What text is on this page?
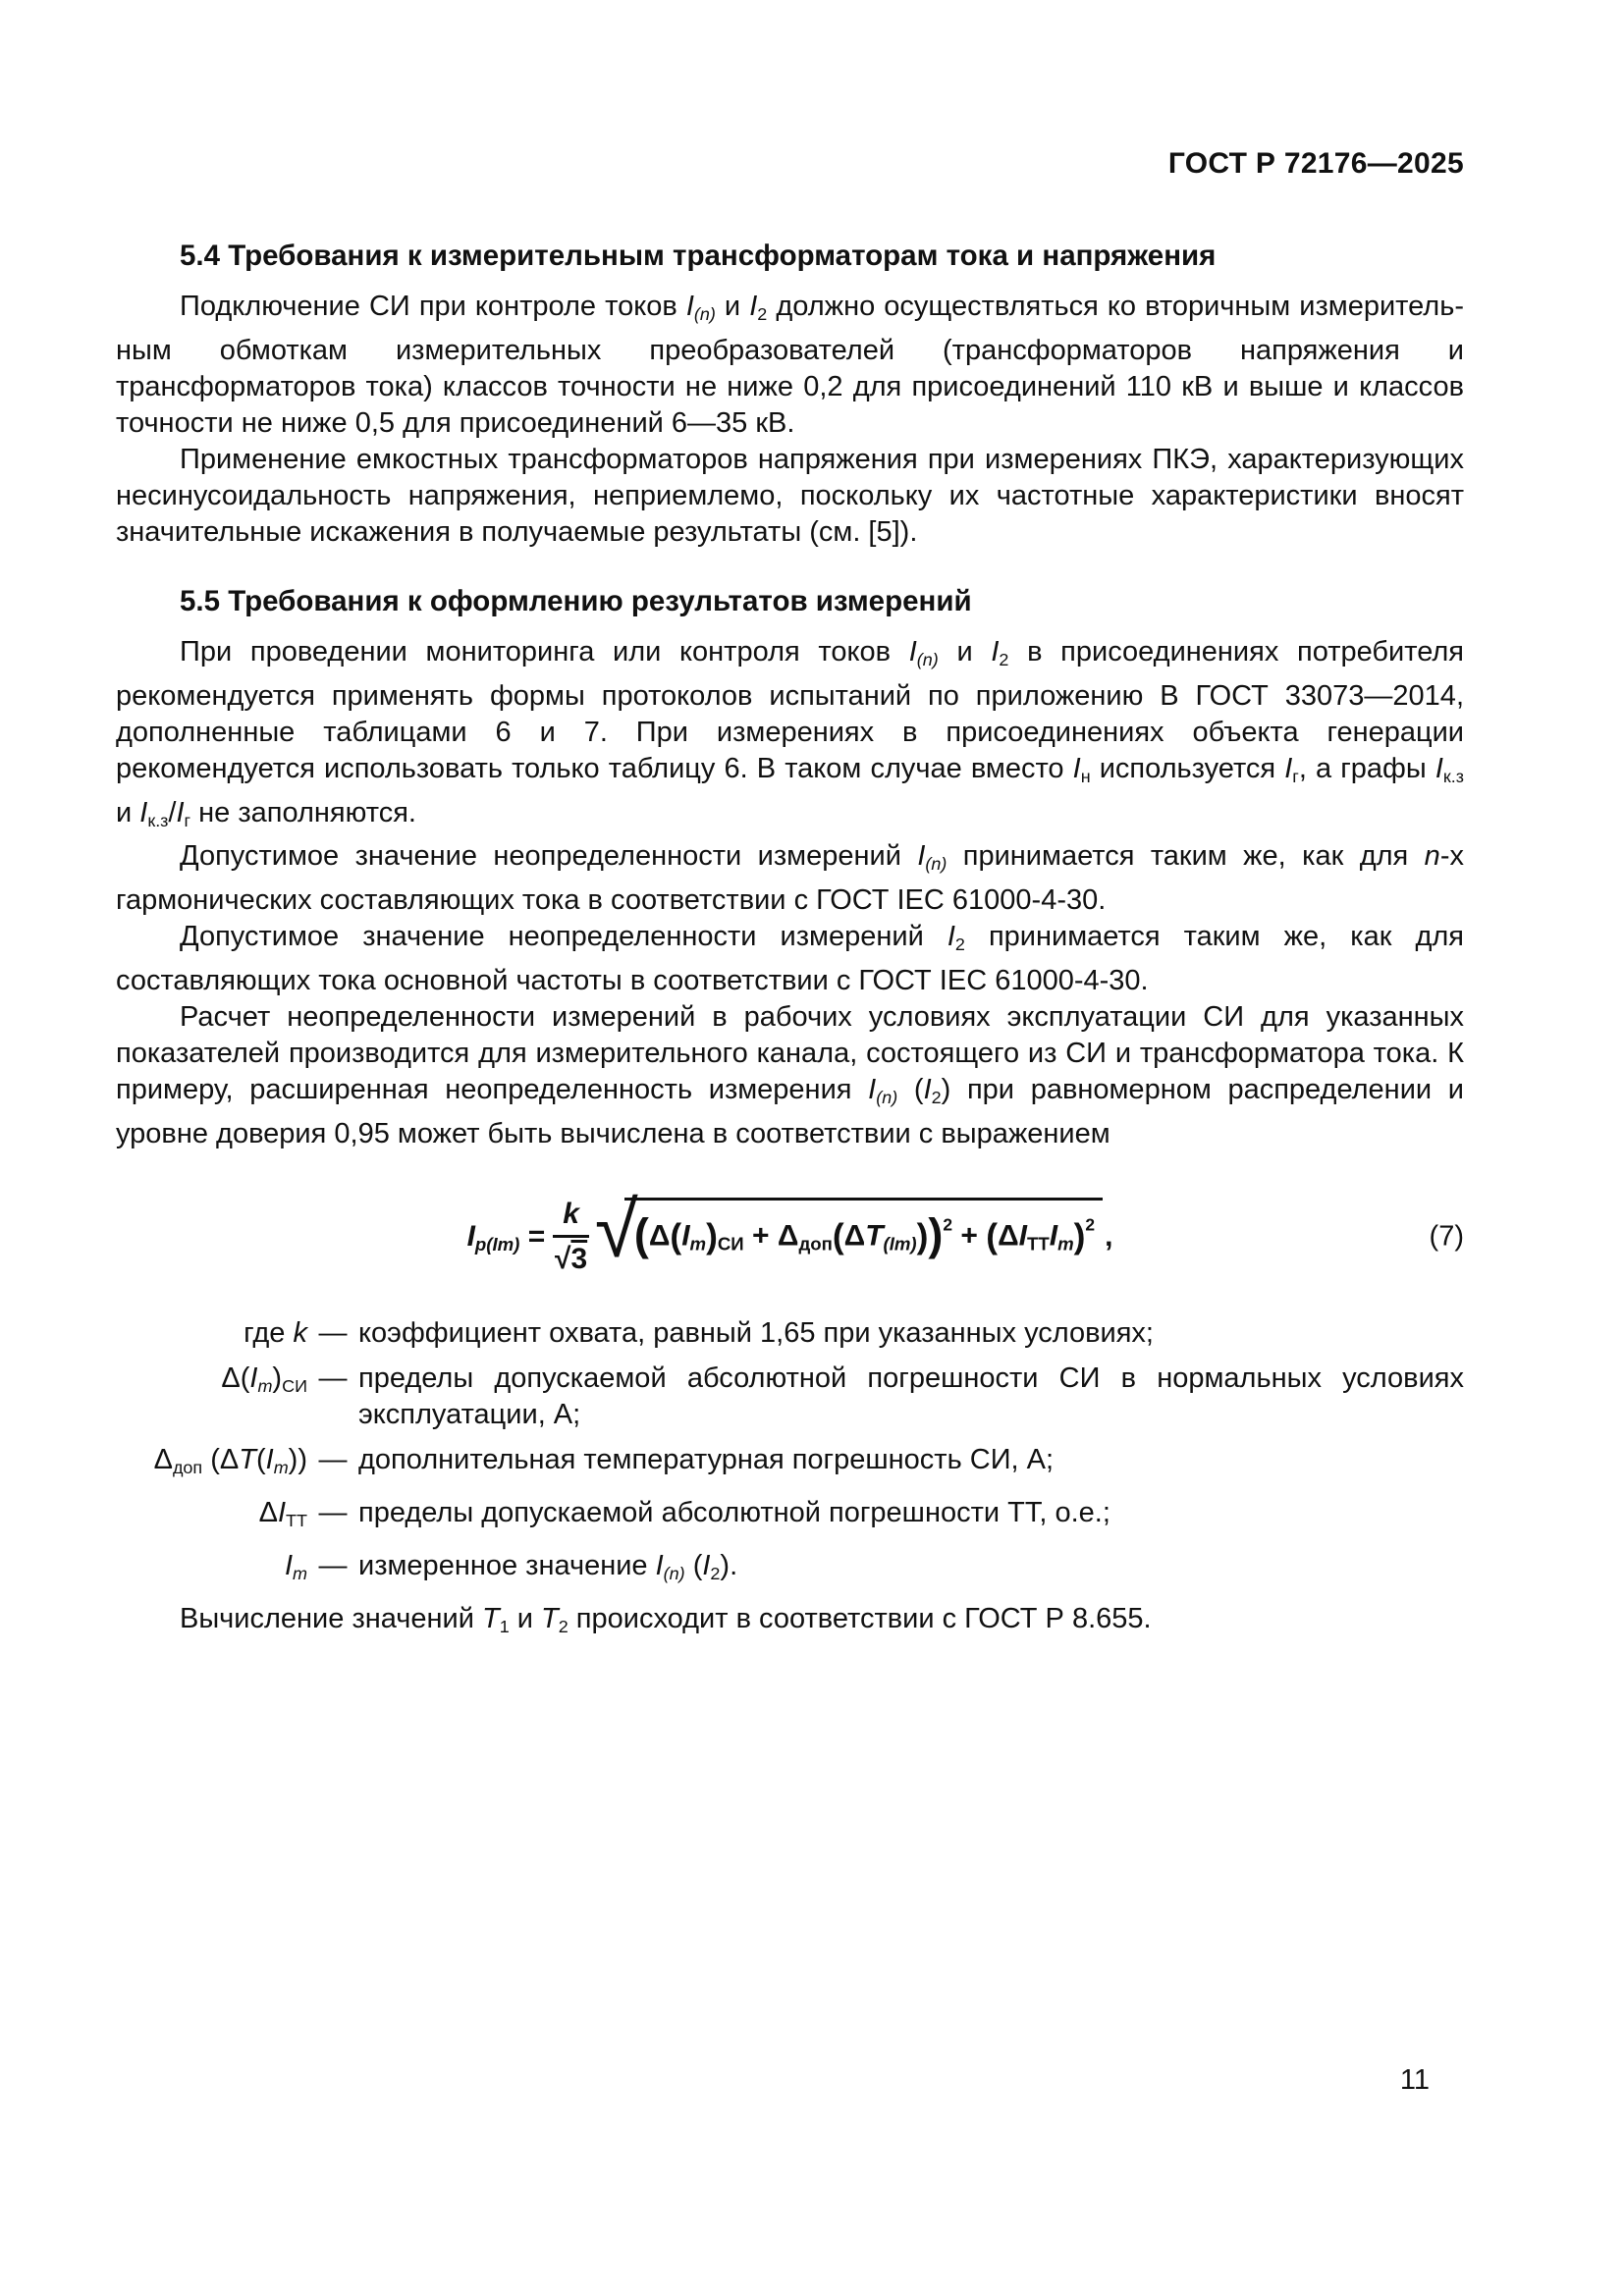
ГОСТ Р 72176—2025
5.4 Требования к измерительным трансформаторам тока и напряжения

Подключение СИ при контроле токов I(n) и $I_2$ должно осуществляться ко вторичным измерительным обмоткам измерительных преобразователей (трансформаторов напряжения и трансформаторов тока) классов точности не ниже 0,2 для присоединений 110 кВ и выше и классов точности не ниже 0,5 для присоединений 6—35 кВ.

Применение емкостных трансформаторов напряжения при измерениях ПКЭ, характеризующих несинусоидальность напряжения, неприемлемо, поскольку их частотные характеристики вносят значительные искажения в получаемые результаты (см. [5]).

5.5 Требования к оформлению результатов измерений

При проведении мониторинга или контроля токов I(n) и $I_2$ в присоединениях потребителя рекомендуется применять формы протоколов испытаний по приложению В ГОСТ 33073—2014, дополненные таблицами 6 и 7. При измерениях в присоединениях объекта генерации рекомендуется использовать только таблицу 6. В таком случае вместо $I_н$ используется $I_г$, а графы $I_{к.з}$ и $I_{к.з}/I_г$ не заполняются.

Допустимое значение неопределенности измерений I(n) принимается таким же, как для n-х гармонических составляющих тока в соответствии с ГОСТ IEC 61000-4-30.

Допустимое значение неопределенности измерений $I_2$ принимается таким же, как для составляющих тока основной частоты в соответствии с ГОСТ IEC 61000-4-30.

Расчет неопределенности измерений в рабочих условиях эксплуатации СИ для указанных показателей производится для измерительного канала, состоящего из СИ и трансформатора тока. К примеру, расширенная неопределенность измерения I(n) $(I_2)$ при равномерном распределении и уровне доверия 0,95 может быть вычислена в соответствии с выражением

$Iр(Im) = \frac{k}{√3}$ √
$(\Delta(Im)_{СИ} + \Delta_{доп}(\Delta T(Im)))^2 + (\Delta I_{ТТ}Im)^2$ ,	(7)
где k — коэффициент охвата, равный 1,65 при указанных условиях;
$\Delta(Im)_{СИ}$ — пределы допускаемой абсолютной погрешности СИ в нормальных условиях эксплуатации, А;
$\Delta_{доп}$ (ΔT(Im)) — дополнительная температурная погрешность СИ, А;
$\Delta I_{ТТ}$ — пределы допускаемой абсолютной погрешности ТТ, о.е.;
Im — измеренное значение I(n) $(I_2)$.

Вычисление значений $T_1$ и $T_2$ происходит в соответствии с ГОСТ Р 8.655.

11
